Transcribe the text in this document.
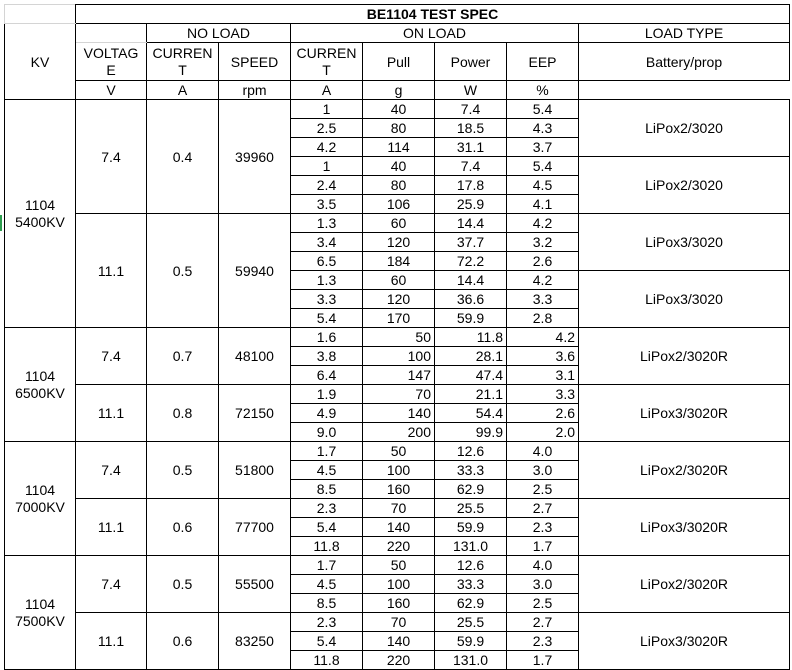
	BE1104 TEST SPEC							
KV		NO LOAD		ON LOAD				LOAD TYPE
	VOLTAGE	CURRENT	SPEED	CURRENT	Pull	Power	EEP	Battery/prop
	V	A	rpm	A	g	W	%	
1104
5400KV	7.4	0.4	39960	1	40	7.4	5.4	LiPox2/3020
				2.5	80	18.5	4.3	
				4.2	114	31.1	3.7	
				1	40	7.4	5.4	LiPox2/3020
				2.4	80	17.8	4.5	
				3.5	106	25.9	4.1	
	11.1	0.5	59940	1.3	60	14.4	4.2	LiPox3/3020
				3.4	120	37.7	3.2	
				6.5	184	72.2	2.6	
				1.3	60	14.4	4.2	LiPox3/3020
				3.3	120	36.6	3.3	
				5.4	170	59.9	2.8	
1104
6500KV	7.4	0.7	48100	1.6	50	11.8	4.2	LiPox2/3020R
				3.8	100	28.1	3.6	
				6.4	147	47.4	3.1	
	11.1	0.8	72150	1.9	70	21.1	3.3	LiPox3/3020R
				4.9	140	54.4	2.6	
				9.0	200	99.9	2.0	
1104
7000KV	7.4	0.5	51800	1.7	50	12.6	4.0	LiPox2/3020R
				4.5	100	33.3	3.0	
				8.5	160	62.9	2.5	
	11.1	0.6	77700	2.3	70	25.5	2.7	LiPox3/3020R
				5.4	140	59.9	2.3	
				11.8	220	131.0	1.7	
1104
7500KV	7.4	0.5	55500	1.7	50	12.6	4.0	LiPox2/3020R
				4.5	100	33.3	3.0	
				8.5	160	62.9	2.5	
	11.1	0.6	83250	2.3	70	25.5	2.7	LiPox3/3020R
				5.4	140	59.9	2.3	
				11.8	220	131.0	1.7	
